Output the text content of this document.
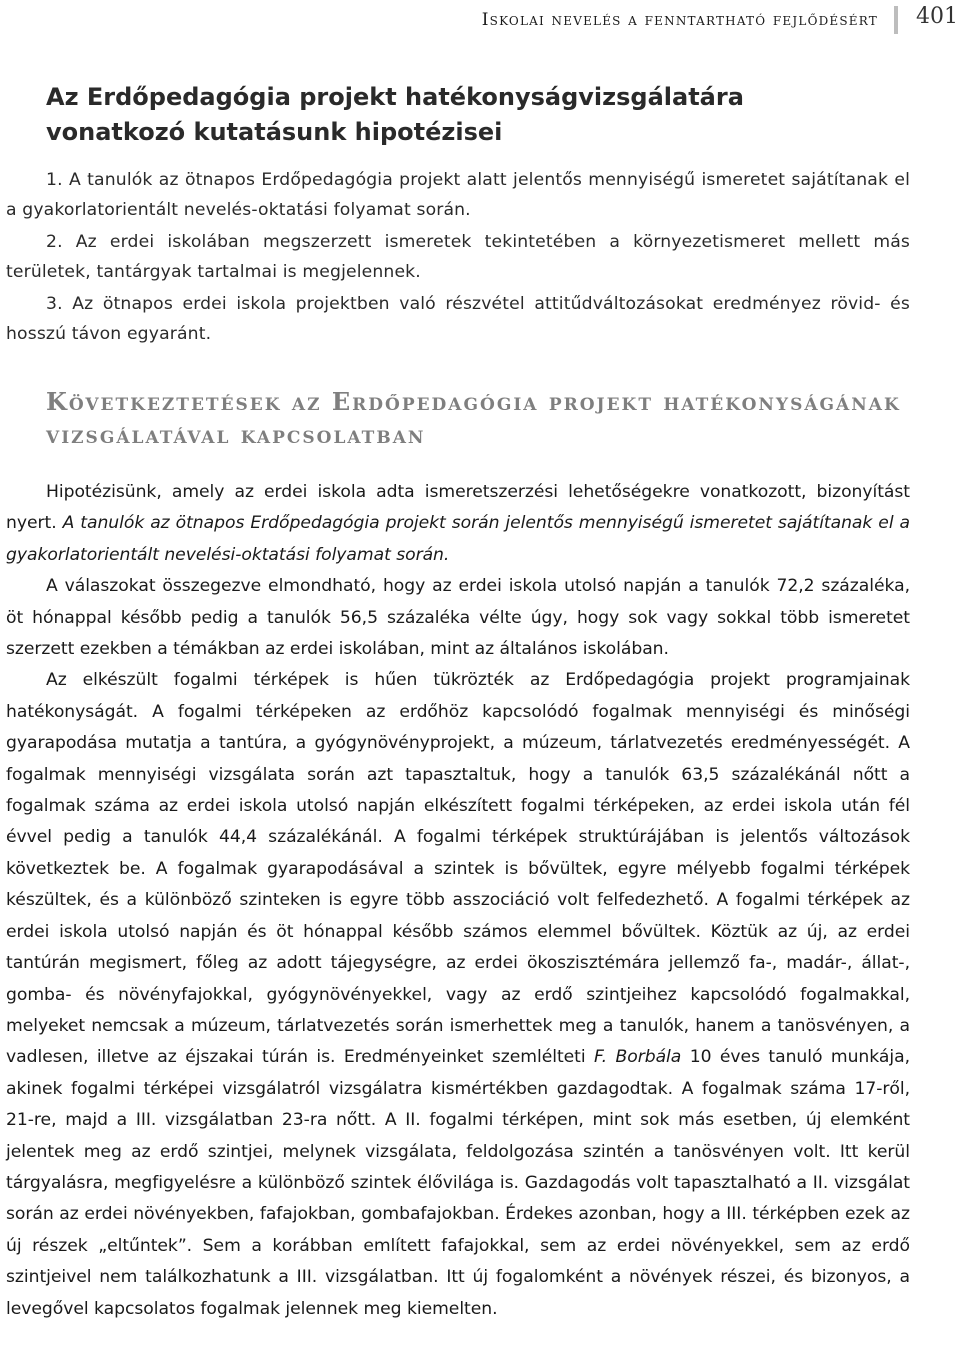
Iskolai nevelés a fenntartható fejlődésért 401
Az Erdőpedagógia projekt hatékonyságvizsgálatára vonatkozó kutatásunk hipotézisei

1. A tanulók az ötnapos Erdőpedagógia projekt alatt jelentős mennyiségű ismeretet sajátítanak el a gyakorlatorientált nevelés-oktatási folyamat során.

2. Az erdei iskolában megszerzett ismeretek tekintetében a környezetismeret mellett más területek, tantárgyak tartalmai is megjelennek.

3. Az ötnapos erdei iskola projektben való részvétel attitűdváltozásokat eredményez rövid- és hosszú távon egyaránt.

Következtetések az Erdőpedagógia projekt hatékonyságának vizsgálatával kapcsolatban

Hipotézisünk, amely az erdei iskola adta ismeretszerzési lehetőségekre vonatkozott, bizonyítást nyert. A tanulók az ötnapos Erdőpedagógia projekt során jelentős mennyiségű ismeretet sajátítanak el a gyakorlatorientált nevelési-oktatási folyamat során.

A válaszokat összegezve elmondható, hogy az erdei iskola utolsó napján a tanulók 72,2 százaléka, öt hónappal később pedig a tanulók 56,5 százaléka vélte úgy, hogy sok vagy sokkal több ismeretet szerzett ezekben a témákban az erdei iskolában, mint az általános iskolában.

Az elkészült fogalmi térképek is hűen tükrözték az Erdőpedagógia projekt programjainak hatékonyságát. A fogalmi térképeken az erdőhöz kapcsolódó fogalmak mennyiségi és minőségi gyarapodása mutatja a tantúra, a gyógynövényprojekt, a múzeum, tárlatvezetés eredményességét. A fogalmak mennyiségi vizsgálata során azt tapasztaltuk, hogy a tanulók 63,5 százalékánál nőtt a fogalmak száma az erdei iskola utolsó napján elkészített fogalmi térképeken, az erdei iskola után fél évvel pedig a tanulók 44,4 százalékánál. A fogalmi térképek struktúrájában is jelentős változások következtek be. A fogalmak gyarapodásával a szintek is bővültek, egyre mélyebb fogalmi térképek készültek, és a különböző szinteken is egyre több asszociáció volt felfedezhető. A fogalmi térképek az erdei iskola utolsó napján és öt hónappal később számos elemmel bővültek. Köztük az új, az erdei tantúrán megismert, főleg az adott tájegységre, az erdei ökoszisztémára jellemző fa-, madár-, állat-, gomba- és növényfajokkal, gyógynövényekkel, vagy az erdő szintjeihez kapcsolódó fogalmakkal, melyeket nemcsak a múzeum, tárlatvezetés során ismerhettek meg a tanulók, hanem a tanösvényen, a vadlesen, illetve az éjszakai túrán is. Eredményeinket szemlélteti F. Borbála 10 éves tanuló munkája, akinek fogalmi térképei vizsgálatról vizsgálatra kismértékben gazdagodtak. A fogalmak száma 17-ről, 21-re, majd a III. vizsgálatban 23-ra nőtt. A II. fogalmi térképen, mint sok más esetben, új elemként jelentek meg az erdő szintjei, melynek vizsgálata, feldolgozása szintén a tanösvényen volt. Itt kerül tárgyalásra, megfigyelésre a különböző szintek élővilága is. Gazdagodás volt tapasztalható a II. vizsgálat során az erdei növényekben, fafajokban, gombafajokban. Érdekes azonban, hogy a III. térképben ezek az új részek „eltűntek”. Sem a korábban említett fafajokkal, sem az erdei növényekkel, sem az erdő szintjeivel nem találkozhatunk a III. vizsgálatban. Itt új fogalomként a növények részei, és bizonyos, a levegővel kapcsolatos fogalmak jelennek meg kiemelten.
